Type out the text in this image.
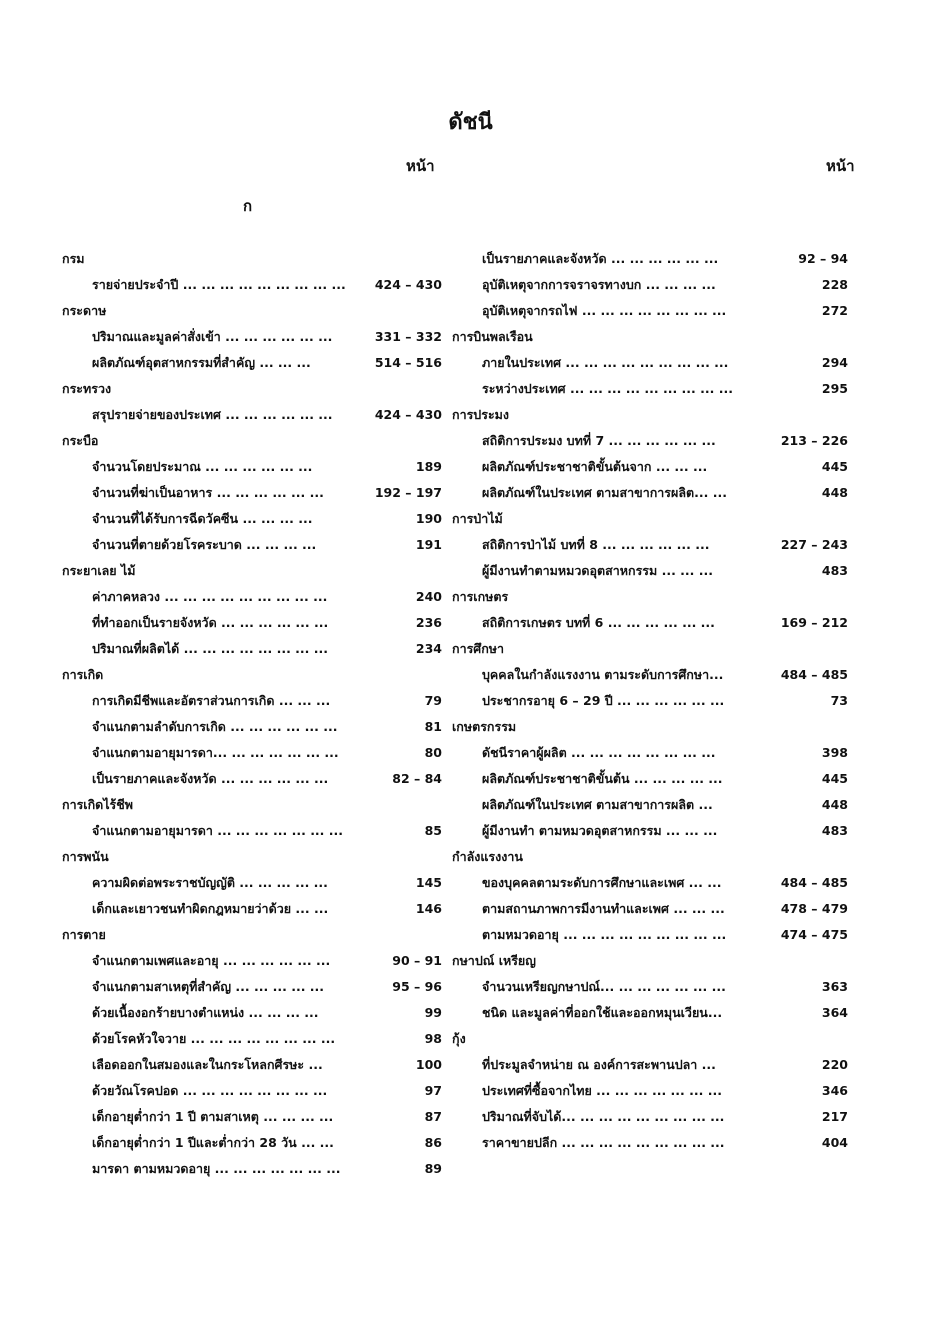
ดัชนี
หน้า	หน้า
ก
กรม
รายจ่ายประจำปี ... ... ... ... ... ... ... ... ... 424 – 430
กระดาษ
ปริมาณและมูลค่าสั่งเข้า ... ... ... ... ... ...	331 – 332
ผลิตภัณฑ์อุตสาหกรรมที่สำคัญ ... ... ...	514 – 516
กระทรวง
สรุปรายจ่ายของประเทศ ... ... ... ... ... ...	424 – 430
กระบือ
จำนวนโดยประมาณ ... ... ... ... ... ...	189
จำนวนที่ฆ่าเป็นอาหาร ... ... ... ... ... ...	192 – 197
จำนวนที่ได้รับการฉีดวัคซีน ... ... ... ...	190
จำนวนที่ตายด้วยโรคระบาด ... ... ... ...	191
กระยาเลย ไม้
ค่าภาคหลวง ... ... ... ... ... ... ... ... ...	240
ที่ทำออกเป็นรายจังหวัด ... ... ... ... ... ...	236
ปริมาณที่ผลิตได้ ... ... ... ... ... ... ... ...	234
การเกิด
การเกิดมีชีพและอัตราส่วนการเกิด ... ... ...	79
จำแนกตามลำดับการเกิด ... ... ... ... ... ...	81
จำแนกตามอายุมารดา... ... ... ... ... ... ...	80
เป็นรายภาคและจังหวัด ... ... ... ... ... ...	82 – 84
การเกิดไร้ชีพ
จำแนกตามอายุมารดา ... ... ... ... ... ... ...	85
การพนัน
ความผิดต่อพระราชบัญญัติ ... ... ... ... ...	145
เด็กและเยาวชนทำผิดกฎหมายว่าด้วย ... ...	146
การตาย
จำแนกตามเพศและอายุ ... ... ... ... ... ...	90 – 91
จำแนกตามสาเหตุที่สำคัญ ... ... ... ... ...	95 – 96
ด้วยเนื้องอกร้ายบางตำแหน่ง ... ... ... ...	99
ด้วยโรคหัวใจวาย ... ... ... ... ... ... ... ...	98
เลือดออกในสมองและในกระโหลกศีรษะ ...	100
ด้วยวัณโรคปอด ... ... ... ... ... ... ... ...	97
เด็กอายุต่ำกว่า 1 ปี ตามสาเหตุ ... ... ... ...	87
เด็กอายุต่ำกว่า 1 ปีและต่ำกว่า 28 วัน ... ...	86
มารดา ตามหมวดอายุ ... ... ... ... ... ... ...	89
เป็นรายภาคและจังหวัด ... ... ... ... ... ...	92 – 94
อุบัติเหตุจากการจราจรทางบก ... ... ... ...	228
อุบัติเหตุจากรถไฟ ... ... ... ... ... ... ... ...	272
การบินพลเรือน
ภายในประเทศ ... ... ... ... ... ... ... ... ...	294
ระหว่างประเทศ ... ... ... ... ... ... ... ... ...	295
การประมง
สถิติการประมง บทที่ 7 ... ... ... ... ... ...	213 – 226
ผลิตภัณฑ์ประชาชาติขั้นต้นจาก ... ... ...	445
ผลิตภัณฑ์ในประเทศ ตามสาขาการผลิต... ...	448
การป่าไม้
สถิติการป่าไม้ บทที่ 8 ... ... ... ... ... ...	227 – 243
ผู้มีงานทำตามหมวดอุตสาหกรรม ... ... ...	483
การเกษตร
สถิติการเกษตร บทที่ 6 ... ... ... ... ... ...	169 – 212
การศึกษา
บุคคลในกำลังแรงงาน ตามระดับการศึกษา...	484 – 485
ประชากรอายุ 6 – 29 ปี ... ... ... ... ... ...	73
เกษตรกรรม
ดัชนีราคาผู้ผลิต ... ... ... ... ... ... ... ...	398
ผลิตภัณฑ์ประชาชาติขั้นต้น ... ... ... ... ...	445
ผลิตภัณฑ์ในประเทศ ตามสาขาการผลิต ...	448
ผู้มีงานทำ ตามหมวดอุตสาหกรรม ... ... ...	483
กำลังแรงงาน
ของบุคคลตามระดับการศึกษาและเพศ ... ...	484 – 485
ตามสถานภาพการมีงานทำและเพศ ... ... ...	478 – 479
ตามหมวดอายุ ... ... ... ... ... ... ... ... ...	474 – 475
กษาปณ์ เหรียญ
จำนวนเหรียญกษาปณ์... ... ... ... ... ... ...	363
ชนิด และมูลค่าที่ออกใช้และออกหมุนเวียน...	364
กุ้ง
ที่ประมูลจำหน่าย ณ องค์การสะพานปลา ...	220
ประเทศที่ซื้อจากไทย ... ... ... ... ... ... ...	346
ปริมาณที่จับได้... ... ... ... ... ... ... ... ...	217
ราคาขายปลีก ... ... ... ... ... ... ... ... ...	404
